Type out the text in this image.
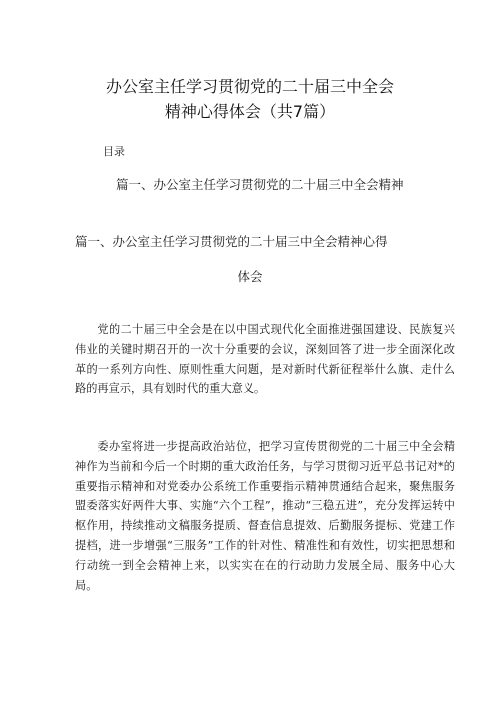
办公室主任学习贯彻党的二十届三中全会
精神心得体会（共7篇）
目录
篇一、办公室主任学习贯彻党的二十届三中全会精神
篇一、办公室主任学习贯彻党的二十届三中全会精神心得
体会

党的二十届三中全会是在以中国式现代化全面推进强国建设、民族复兴伟业的关键时期召开的一次十分重要的会议，深刻回答了进一步全面深化改革的一系列方向性、原则性重大问题，是对新时代新征程举什么旗、走什么路的再宣示，具有划时代的重大意义。

委办室将进一步提高政治站位，把学习宣传贯彻党的二十届三中全会精神作为当前和今后一个时期的重大政治任务，与学习贯彻习近平总书记对*的重要指示精神和对党委办公系统工作重要指示精神贯通结合起来，聚焦服务盟委落实好两件大事、实施“六个工程”，推动“三稳五进”，充分发挥运转中枢作用，持续推动文稿服务提质、督查信息提效、后勤服务提标、党建工作提档，进一步增强“三服务”工作的针对性、精准性和有效性，切实把思想和行动统一到全会精神上来，以实实在在的行动助力发展全局、服务中心大局。
